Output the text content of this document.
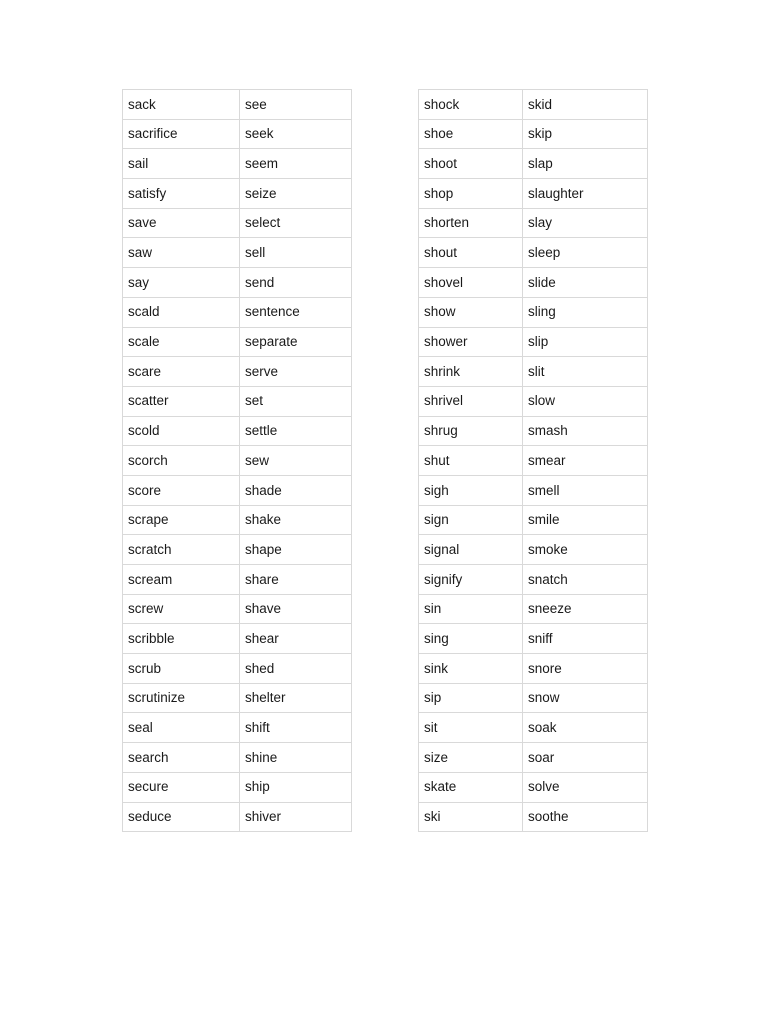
sack	see
sacrifice	seek
sail	seem
satisfy	seize
save	select
saw	sell
say	send
scald	sentence
scale	separate
scare	serve
scatter	set
scold	settle
scorch	sew
score	shade
scrape	shake
scratch	shape
scream	share
screw	shave
scribble	shear
scrub	shed
scrutinize	shelter
seal	shift
search	shine
secure	ship
seduce	shiver
shock	skid
shoe	skip
shoot	slap
shop	slaughter
shorten	slay
shout	sleep
shovel	slide
show	sling
shower	slip
shrink	slit
shrivel	slow
shrug	smash
shut	smear
sigh	smell
sign	smile
signal	smoke
signify	snatch
sin	sneeze
sing	sniff
sink	snore
sip	snow
sit	soak
size	soar
skate	solve
ski	soothe
